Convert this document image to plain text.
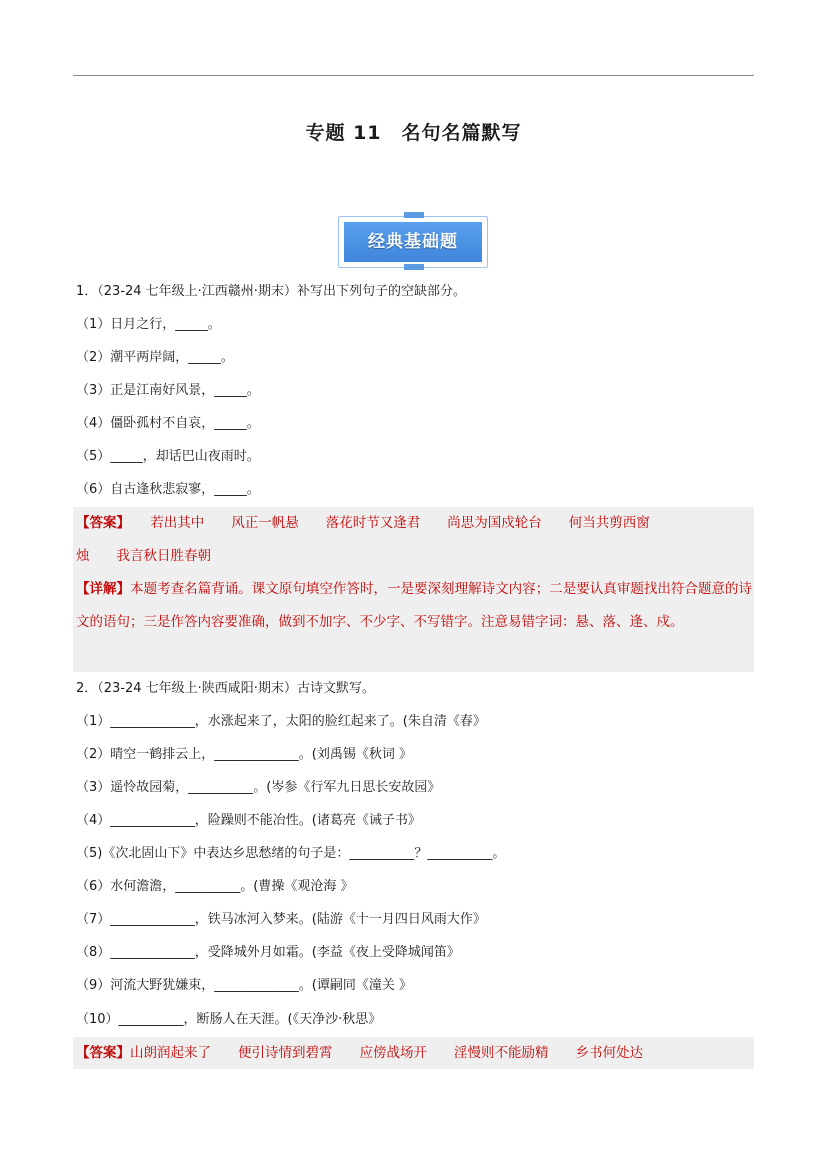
专题 11　名句名篇默写
经典基础题
1．（23-24 七年级上·江西赣州·期末）补写出下列句子的空缺部分。
（1）日月之行，_____。
（2）潮平两岸阔，_____。
（3）正是江南好风景，_____。
（4）僵卧孤村不自哀，_____。
（5）_____，却话巴山夜雨时。
（6）自古逢秋悲寂寥，_____。
【答案】　　若出其中　　风正一帆悬　　落花时节又逢君　　尚思为国戍轮台　　何当共剪西窗
烛　　我言秋日胜春朝
【详解】本题考查名篇背诵。课文原句填空作答时，一是要深刻理解诗文内容；二是要认真审题找出符合题意的诗文的语句；三是作答内容要准确，做到不加字、不少字、不写错字。注意易错字词：悬、落、逢、戍。
2．（23-24 七年级上·陕西咸阳·期末）古诗文默写。
（1）_____________，水涨起来了，太阳的脸红起来了。(朱自清《春》
（2）晴空一鹤排云上，_____________。(刘禹锡《秋词 》
（3）遥怜故园菊，__________。(岑参《行军九日思长安故园》
（4）_____________，险躁则不能冶性。(诸葛亮《诫子书》
（5)《次北固山下》中表达乡思愁绪的句子是：__________？__________。
（6）水何澹澹，__________。(曹操《观沧海 》
（7）_____________，铁马冰河入梦来。(陆游《十一月四日风雨大作》
（8）_____________，受降城外月如霜。(李益《夜上受降城闻笛》
（9）河流大野犹嫌束，_____________。(谭嗣同《潼关 》
（10）__________，断肠人在天涯。(《天净沙·秋思》
【答案】山朗润起来了　　便引诗情到碧霄　　应傍战场开　　淫慢则不能励精　　乡书何处达
